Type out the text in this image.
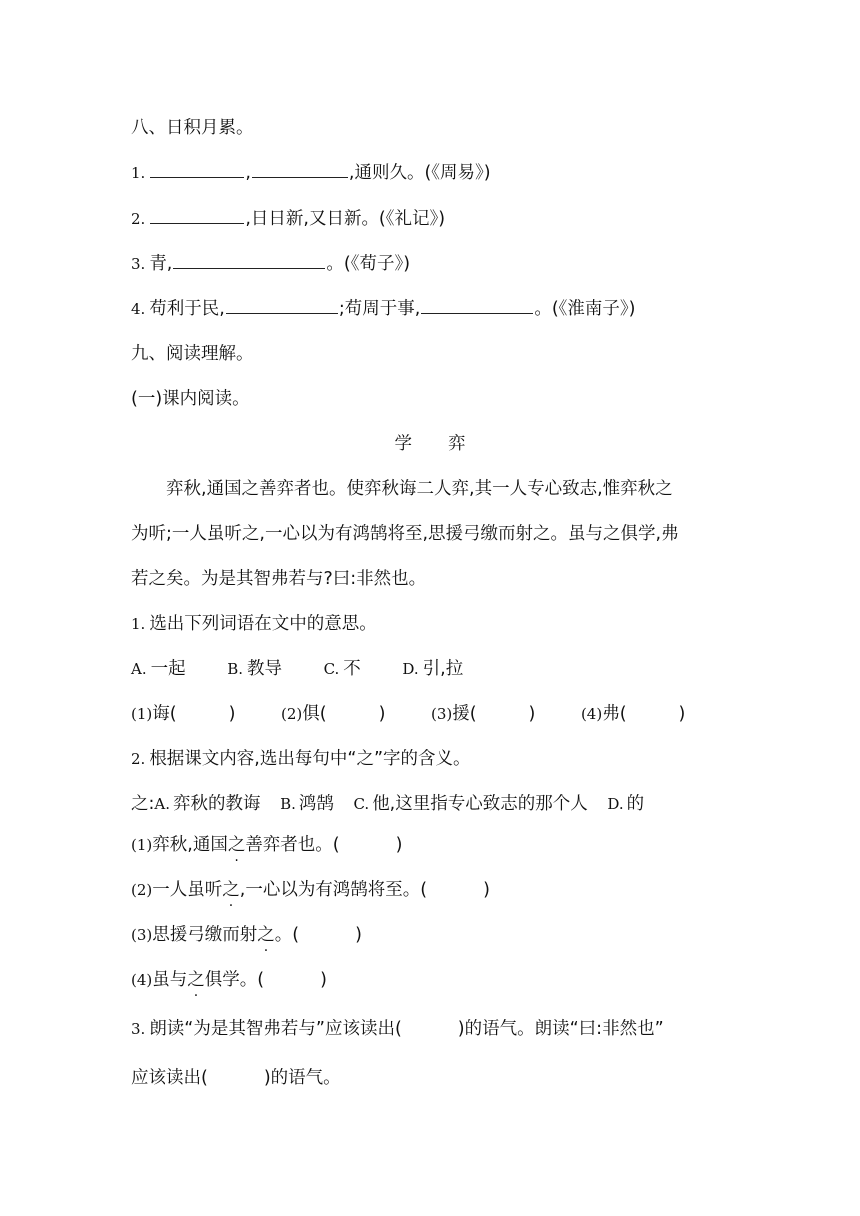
八、日积月累。
1.	,	,通则久。(《周易》)
2.	,日日新,又日新。(《礼记》)
3. 青,	。(《荀子》)
4. 苟利于民,	;苟周于事,	。(《淮南子》)
九、阅读理解。
(一)课内阅读。
学 弈
弈秋,通国之善弈者也。使弈秋诲二人弈,其一人专心致志,惟弈秋之
为听;一人虽听之,一心以为有鸿鹄将至,思援弓缴而射之。虽与之俱学,弗
若之矣。为是其智弗若与?曰:非然也。
1. 选出下列词语在文中的意思。
A. 一起	B. 教导	C. 不	D. 引,拉
(1)诲(	)	(2)俱(	)	(3)援(	)	(4)弗(	)
2. 根据课文内容,选出每句中“之”字的含义。
之:A. 弈秋的教诲 B. 鸿鹄 C. 他,这里指专心致志的那个人 D. 的
(1)弈秋,通国之善弈者也。(	)
(2)一人虽听之,一心以为有鸿鹄将至。(	)
(3)思援弓缴而射之。(	)
(4)虽与之俱学。(	)
3. 朗读“为是其智弗若与”应该读出(	)的语气。朗读“曰:非然也”
应该读出(	)的语气。
